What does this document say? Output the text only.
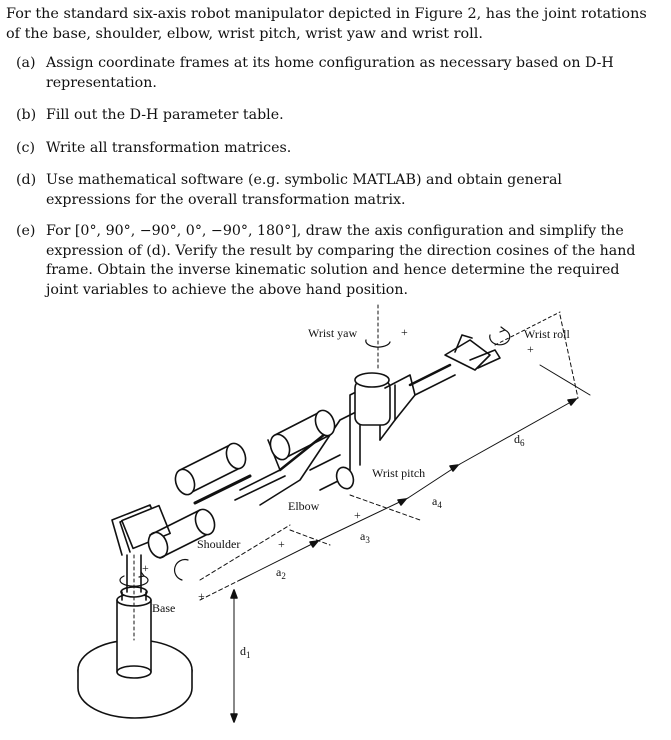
For the standard six-axis robot manipulator depicted in Figure 2, has the joint rotations of the base, shoulder, elbow, wrist pitch, wrist yaw and wrist roll.
(a) Assign coordinate frames at its home configuration as necessary based on D-H representation.
(b) Fill out the D-H parameter table.
(c) Write all transformation matrices.
(d) Use mathematical software (e.g. symbolic MATLAB) and obtain general expressions for the overall transformation matrix.
(e) For [0°, 90°, −90°, 0°, −90°, 180°], draw the axis configuration and simplify the expression of (d). Verify the result by comparing the direction cosines of the hand frame. Obtain the inverse kinematic solution and hence determine the required joint variables to achieve the above hand position.
Base
Shoulder
Elbow
Wrist pitch
Wrist yaw	Wrist roll
$d_1$
$a_2$
$a_3$
$a_4$
$d_6$
+
+
+
+
+
+
